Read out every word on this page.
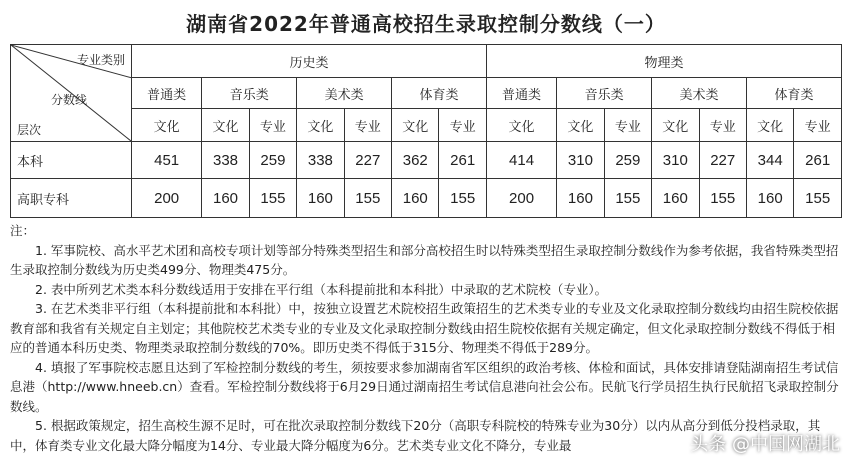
湖南省2022年普通高校招生录取控制分数线（一）
专业类别
分数线
层次	历史类							物理类						
	普通类	音乐类		美术类		体育类		普通类	音乐类		美术类		体育类	
	文化	文化	专业	文化	专业	文化	专业	文化	文化	专业	文化	专业	文化	专业
本科	451	338	259	338	227	362	261	414	310	259	310	227	344	261
高职专科	200	160	155	160	155	160	155	200	160	155	160	155	160	155

注：

1. 军事院校、高水平艺术团和高校专项计划等部分特殊类型招生和部分高校招生时以特殊类型招生录取控制分数线作为参考依据，我省特殊类型招生录取控制分数线为历史类499分、物理类475分。

2. 表中所列艺术类本科分数线适用于安排在平行组（本科提前批和本科批）中录取的艺术院校（专业）。

3. 在艺术类非平行组（本科提前批和本科批）中，按独立设置艺术院校招生政策招生的艺术类专业的专业及文化录取控制分数线均由招生院校依据教育部和我省有关规定自主划定；其他院校艺术类专业的专业及文化录取控制分数线由招生院校依据有关规定确定，但文化录取控制分数线不得低于相应的普通本科历史类、物理类录取控制分数线的70%。即历史类不得低于315分、物理类不得低于289分。

4. 填报了军事院校志愿且达到了军检控制分数线的考生，须按要求参加湖南省军区组织的政治考核、体检和面试，具体安排请登陆湖南招生考试信息港（http://www.hneeb.cn）查看。军检控制分数线将于6月29日通过湖南招生考试信息港向社会公布。民航飞行学员招生执行民航招飞录取控制分数线。

5. 根据政策规定，招生高校生源不足时，可在批次录取控制分数线下20分（高职专科院校的特殊专业为30分）以内从高分到低分投档录取，其中，体育类专业文化最大降分幅度为14分、专业最大降分幅度为6分。艺术类专业文化不降分，专业最	头条 @中国网湖北
